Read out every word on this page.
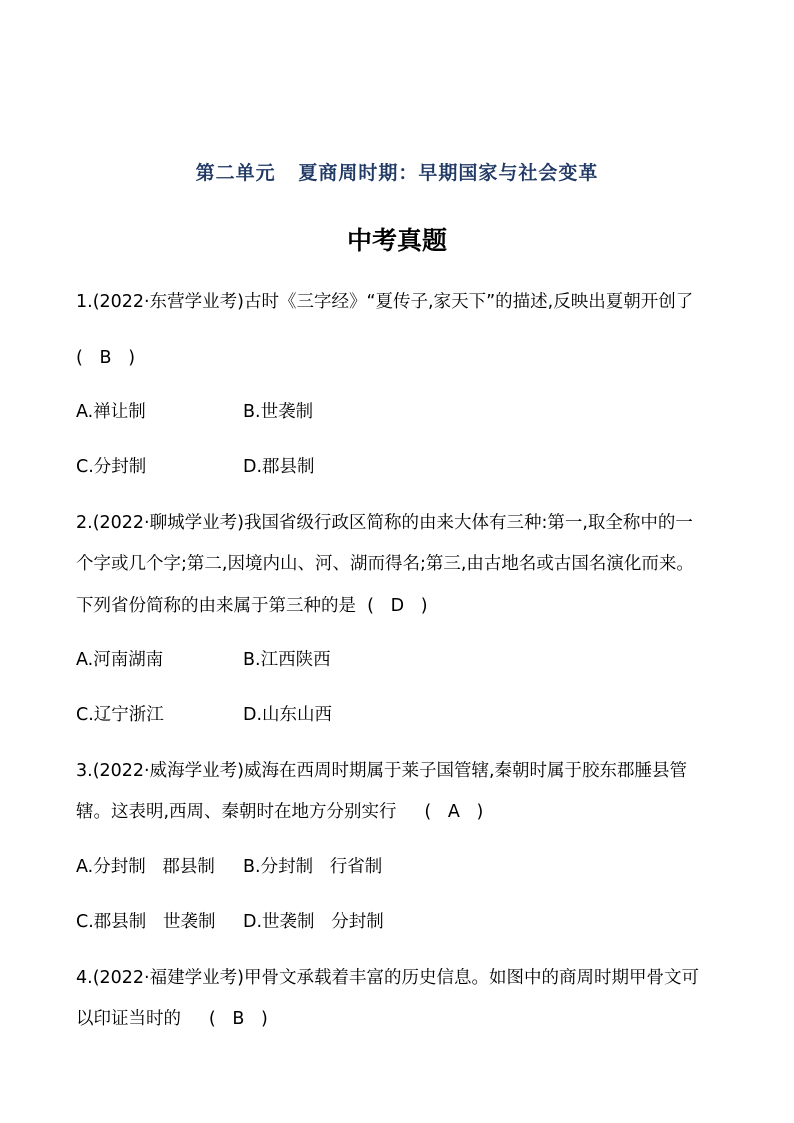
第二单元   夏商周时期：早期国家与社会变革
中考真题
1.(2022·东营学业考)古时《三字经》“夏传子,家天下”的描述,反映出夏朝开创了
(   B   )
A.禅让制	B.世袭制
C.分封制	D.郡县制
2.(2022·聊城学业考)我国省级行政区简称的由来大体有三种:第一,取全称中的一
个字或几个字;第二,因境内山、河、湖而得名;第三,由古地名或古国名演化而来。
下列省份简称的由来属于第三种的是  (   D   )
A.河南湖南	B.江西陕西
C.辽宁浙江	D.山东山西
3.(2022·威海学业考)威海在西周时期属于莱子国管辖,秦朝时属于胶东郡腄县管
辖。这表明,西周、秦朝时在地方分别实行     (   A   )
A.分封制   郡县制 B.分封制   行省制
C.郡县制   世袭制 D.世袭制   分封制
4.(2022·福建学业考)甲骨文承载着丰富的历史信息。如图中的商周时期甲骨文可
以印证当时的     (   B   )
